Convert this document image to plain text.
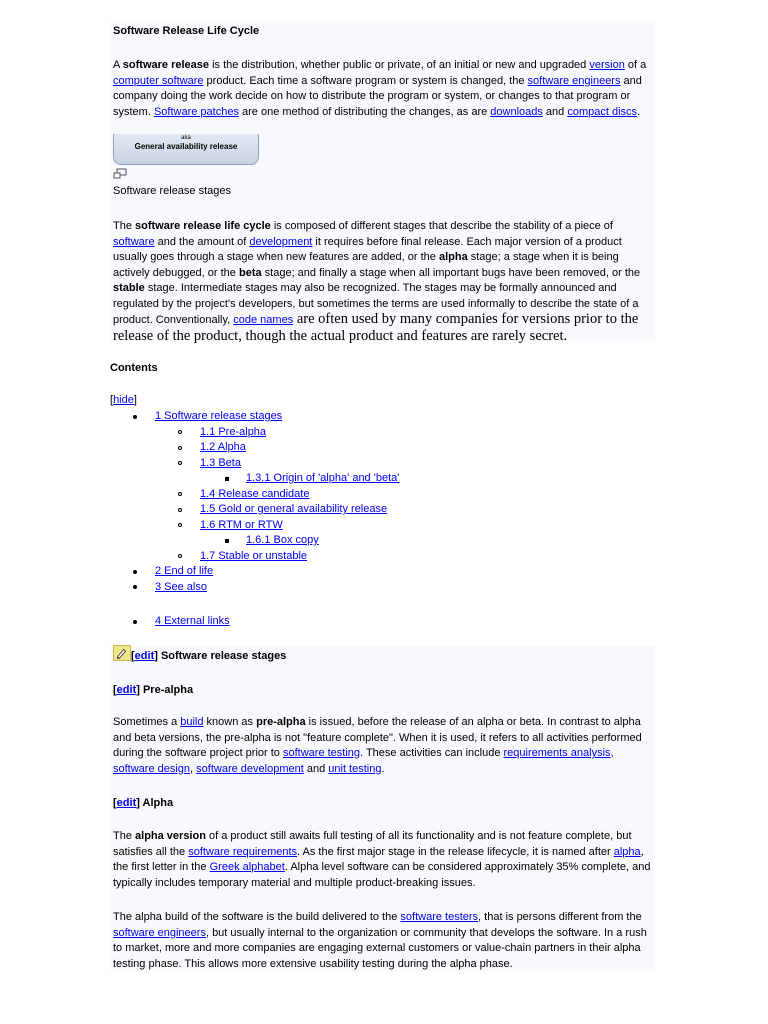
Software Release Life Cycle

A software release is the distribution, whether public or private, of an initial or new and upgraded version of a computer software product. Each time a software program or system is changed, the software engineers and company doing the work decide on how to distribute the program or system, or changes to that program or system. Software patches are one method of distributing the changes, as are downloads and compact discs.

aka
General availability release
Software release stages

The software release life cycle is composed of different stages that describe the stability of a piece of software and the amount of development it requires before final release. Each major version of a product usually goes through a stage when new features are added, or the alpha stage; a stage when it is being actively debugged, or the beta stage; and finally a stage when all important bugs have been removed, or the stable stage. Intermediate stages may also be recognized. The stages may be formally announced and regulated by the project's developers, but sometimes the terms are used informally to describe the state of a product. Conventionally, code names are often used by many companies for versions prior to the release of the product, though the actual product and features are rarely secret.

Contents
[hide]
1 Software release stages
1.1 Pre-alpha
1.2 Alpha
1.3 Beta
1.3.1 Origin of 'alpha' and 'beta'
1.4 Release candidate
1.5 Gold or general availability release
1.6 RTM or RTW
1.6.1 Box copy
1.7 Stable or unstable
2 End of life
3 See also
4 External links
[edit] Software release stages
[edit] Pre-alpha

Sometimes a build known as pre-alpha is issued, before the release of an alpha or beta. In contrast to alpha and beta versions, the pre-alpha is not "feature complete". When it is used, it refers to all activities performed during the software project prior to software testing. These activities can include requirements analysis, software design, software development and unit testing.

[edit] Alpha

The alpha version of a product still awaits full testing of all its functionality and is not feature complete, but satisfies all the software requirements. As the first major stage in the release lifecycle, it is named after alpha, the first letter in the Greek alphabet. Alpha level software can be considered approximately 35% complete, and typically includes temporary material and multiple product-breaking issues.

The alpha build of the software is the build delivered to the software testers, that is persons different from the software engineers, but usually internal to the organization or community that develops the software. In a rush to market, more and more companies are engaging external customers or value-chain partners in their alpha testing phase. This allows more extensive usability testing during the alpha phase.
